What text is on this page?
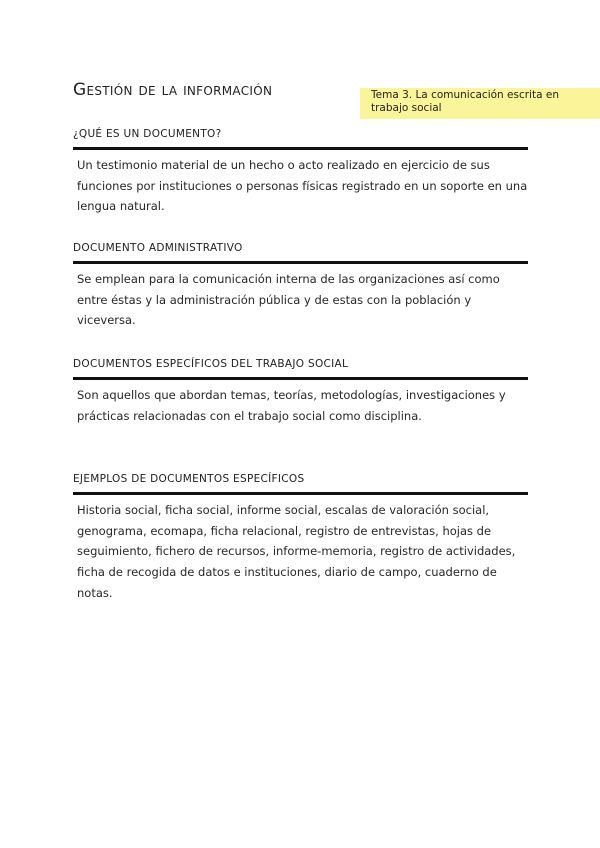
Gestión de la información	Tema 3. La comunicación escrita en trabajo social
¿QUÉ ES UN DOCUMENTO?

Un testimonio material de un hecho o acto realizado en ejercicio de sus funciones por instituciones o personas físicas registrado en un soporte en una lengua natural.

DOCUMENTO ADMINISTRATIVO

Se emplean para la comunicación interna de las organizaciones así como entre éstas y la administración pública y de estas con la población y viceversa.

DOCUMENTOS ESPECÍFICOS DEL TRABAJO SOCIAL

Son aquellos que abordan temas, teorías, metodologías, investigaciones y prácticas relacionadas con el trabajo social como disciplina.

EJEMPLOS DE DOCUMENTOS ESPECÍFICOS

Historia social, ficha social, informe social, escalas de valoración social, genograma, ecomapa, ficha relacional, registro de entrevistas, hojas de seguimiento, fichero de recursos, informe-memoria, registro de actividades, ficha de recogida de datos e instituciones, diario de campo, cuaderno de notas.
